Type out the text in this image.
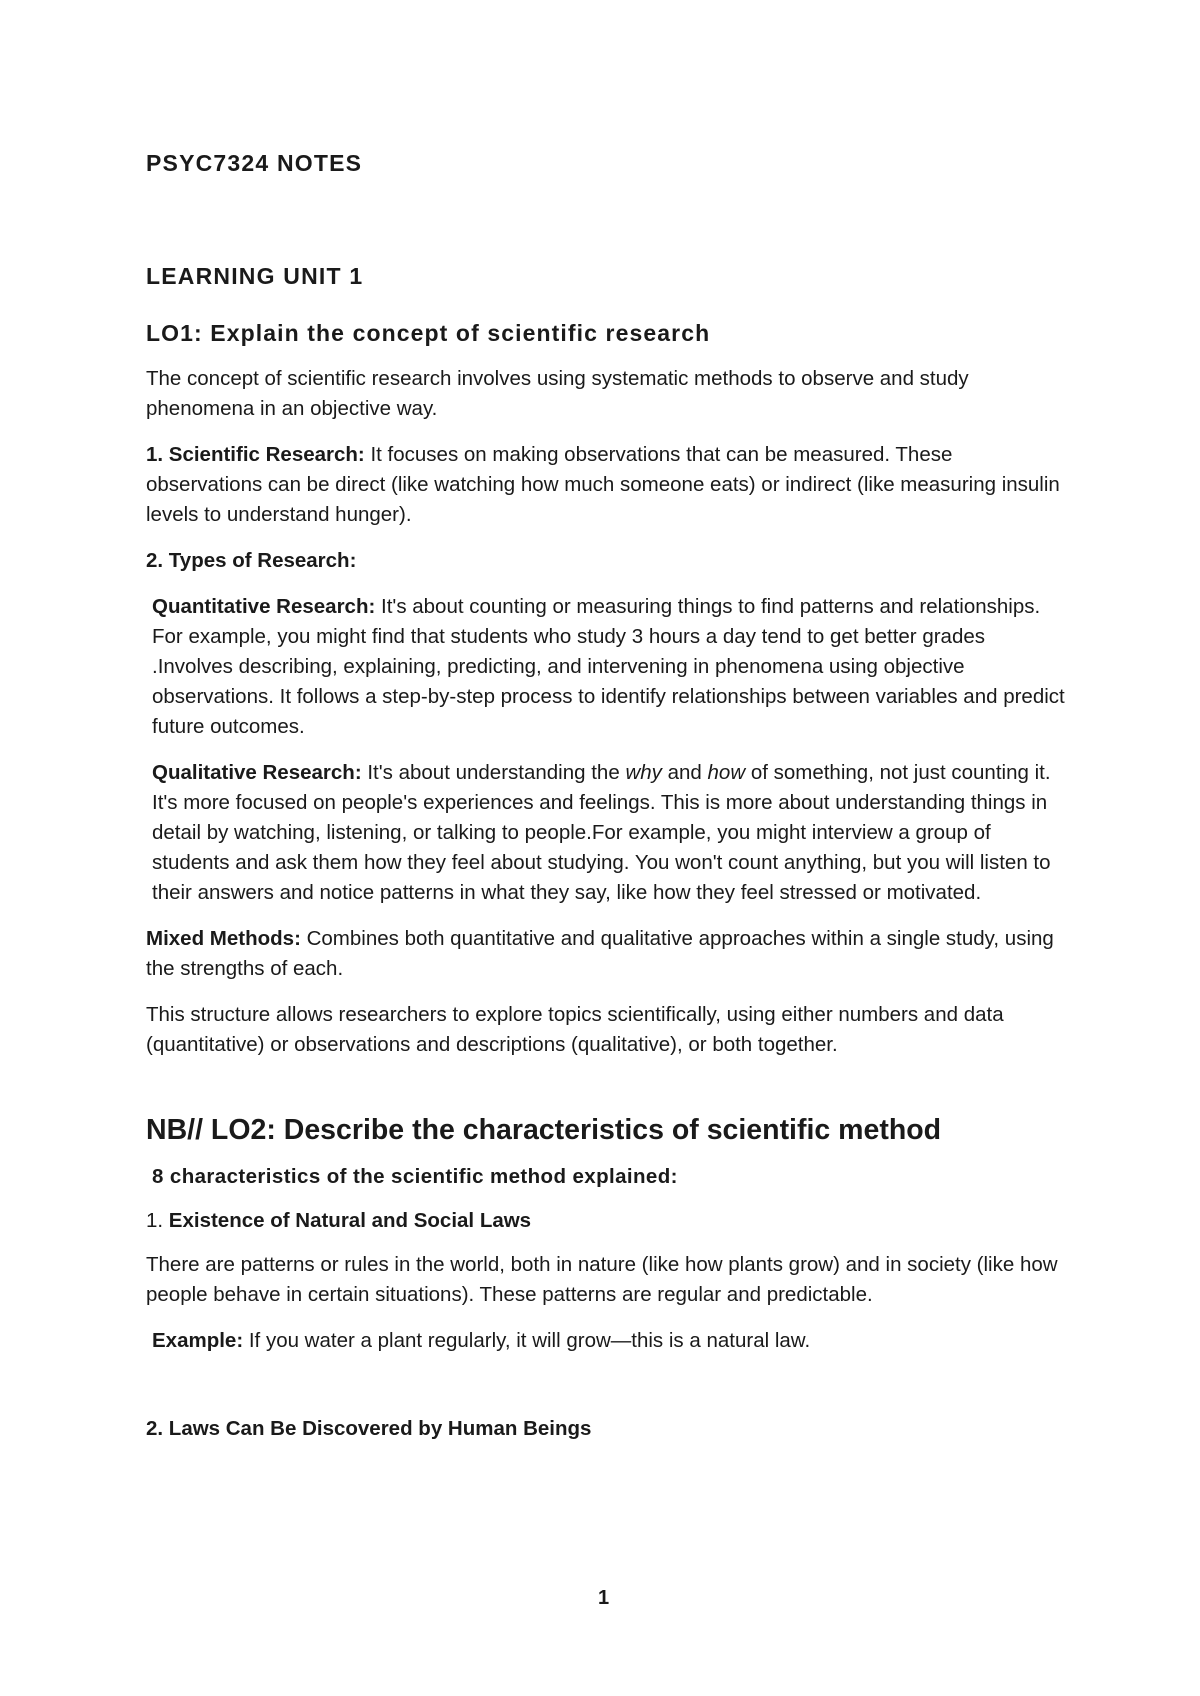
PSYC7324 NOTES
LEARNING UNIT 1
LO1: Explain the concept of scientific research

The concept of scientific research involves using systematic methods to observe and study phenomena in an objective way.

1. Scientific Research: It focuses on making observations that can be measured. These observations can be direct (like watching how much someone eats) or indirect (like measuring insulin levels to understand hunger).

2. Types of Research:

Quantitative Research: It's about counting or measuring things to find patterns and relationships. For example, you might find that students who study 3 hours a day tend to get better grades .Involves describing, explaining, predicting, and intervening in phenomena using objective observations. It follows a step-by-step process to identify relationships between variables and predict future outcomes.

Qualitative Research: It's about understanding the why and how of something, not just counting it. It's more focused on people's experiences and feelings. This is more about understanding things in detail by watching, listening, or talking to people.For example, you might interview a group of students and ask them how they feel about studying. You won't count anything, but you will listen to their answers and notice patterns in what they say, like how they feel stressed or motivated.

Mixed Methods: Combines both quantitative and qualitative approaches within a single study, using the strengths of each.

This structure allows researchers to explore topics scientifically, using either numbers and data (quantitative) or observations and descriptions (qualitative), or both together.

NB// LO2: Describe the characteristics of scientific method

8 characteristics of the scientific method explained:

1. Existence of Natural and Social Laws

There are patterns or rules in the world, both in nature (like how plants grow) and in society (like how people behave in certain situations). These patterns are regular and predictable.

Example: If you water a plant regularly, it will grow—this is a natural law.

2. Laws Can Be Discovered by Human Beings

1
